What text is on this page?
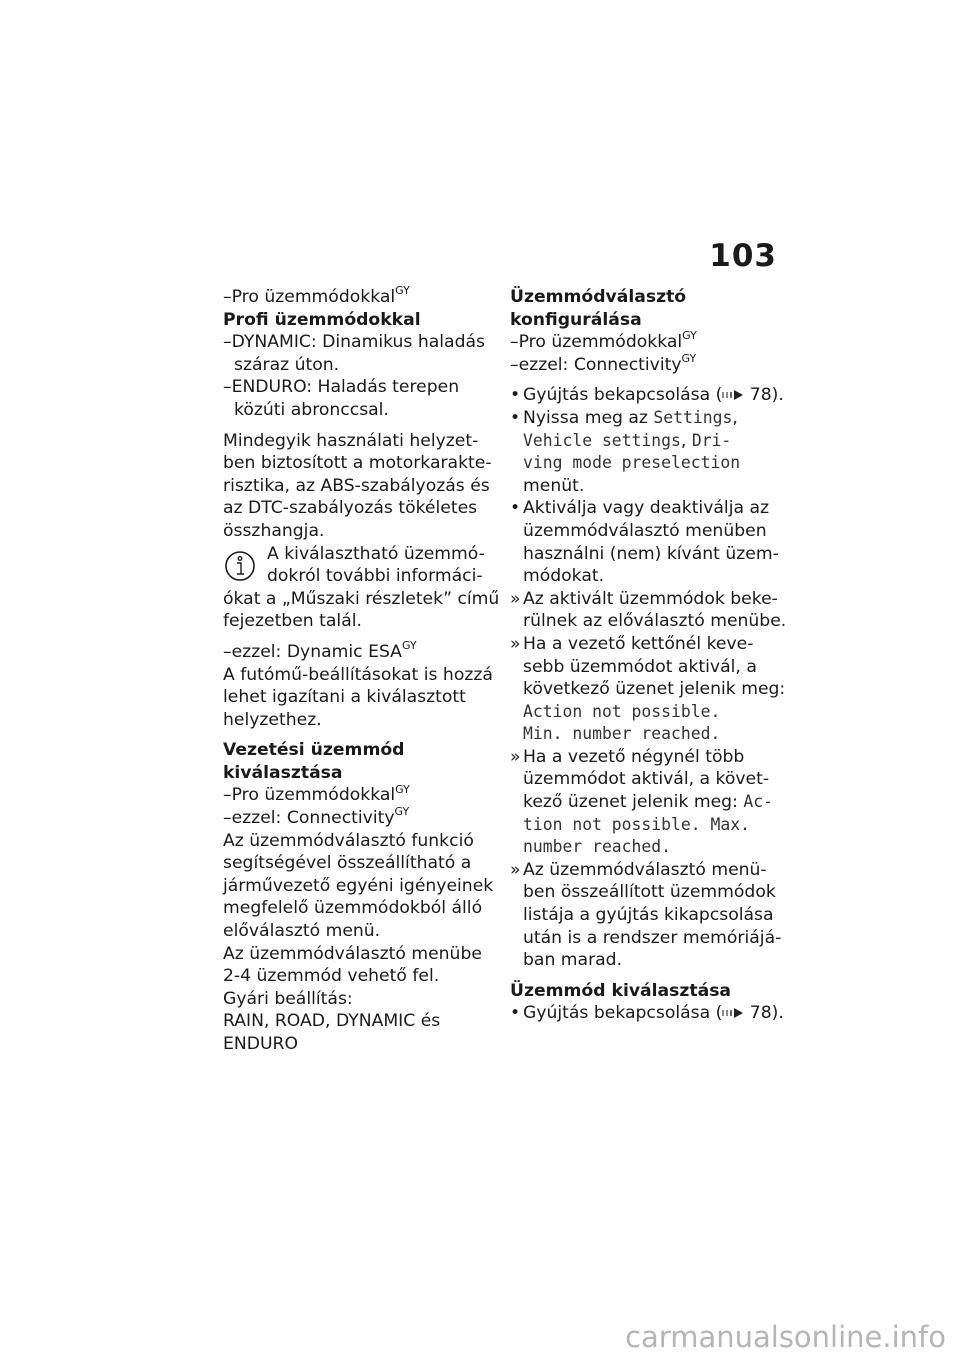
103
–Pro üzemmódokkal$^{GY}$
Profi üzemmódokkal
–DYNAMIC: Dinamikus haladás
száraz úton.
–ENDURO: Haladás terepen
közúti abronccsal.
Mindegyik használati helyzet-
ben biztosított a motorkarakte-
risztika, az ABS-szabályozás és
az DTC-szabályozás tökéletes
összhangja.
A kiválasztható üzemmó-
dokról további informáci-
ókat a „Műszaki részletek” című
fejezetben talál.
–ezzel: Dynamic $ESA^{GY}$
A futómű-beállításokat is hozzá
lehet igazítani a kiválasztott
helyzethez.
Vezetési üzemmód
kiválasztása
–Pro üzemmódokkal$^{GY}$
–ezzel: Connectivity$^{GY}$
Az üzemmódválasztó funkció
segítségével összeállítható a
járművezető egyéni igényeinek
megfelelő üzemmódokból álló
előválasztó menü.
Az üzemmódválasztó menübe
2-4 üzemmód vehető fel.
Gyári beállítás:
RAIN, ROAD, DYNAMIC és
ENDURO
Üzemmódválasztó
konfigurálása
–Pro üzemmódokkal$^{GY}$
–ezzel: Connectivity$^{GY}$
• Gyújtás bekapcsolása ( 78).
• Nyissa meg az Settings,
Vehicle settings, Dri-
ving mode preselection
menüt.
• Aktiválja vagy deaktiválja az
üzemmódválasztó menüben
használni (nem) kívánt üzem-
módokat.
» Az aktivált üzemmódok beke-
rülnek az előválasztó menübe.
» Ha a vezető kettőnél keve-
sebb üzemmódot aktivál, a
következő üzenet jelenik meg:
Action not possible.
Min. number reached.
» Ha a vezető négynél több
üzemmódot aktivál, a követ-
kező üzenet jelenik meg: Ac-
tion not possible. Max.
number reached.
» Az üzemmódválasztó menü-
ben összeállított üzemmódok
listája a gyújtás kikapcsolása
után is a rendszer memóriájá-
ban marad.
Üzemmód kiválasztása
• Gyújtás bekapcsolása ( 78).
carmanualsonline.info
